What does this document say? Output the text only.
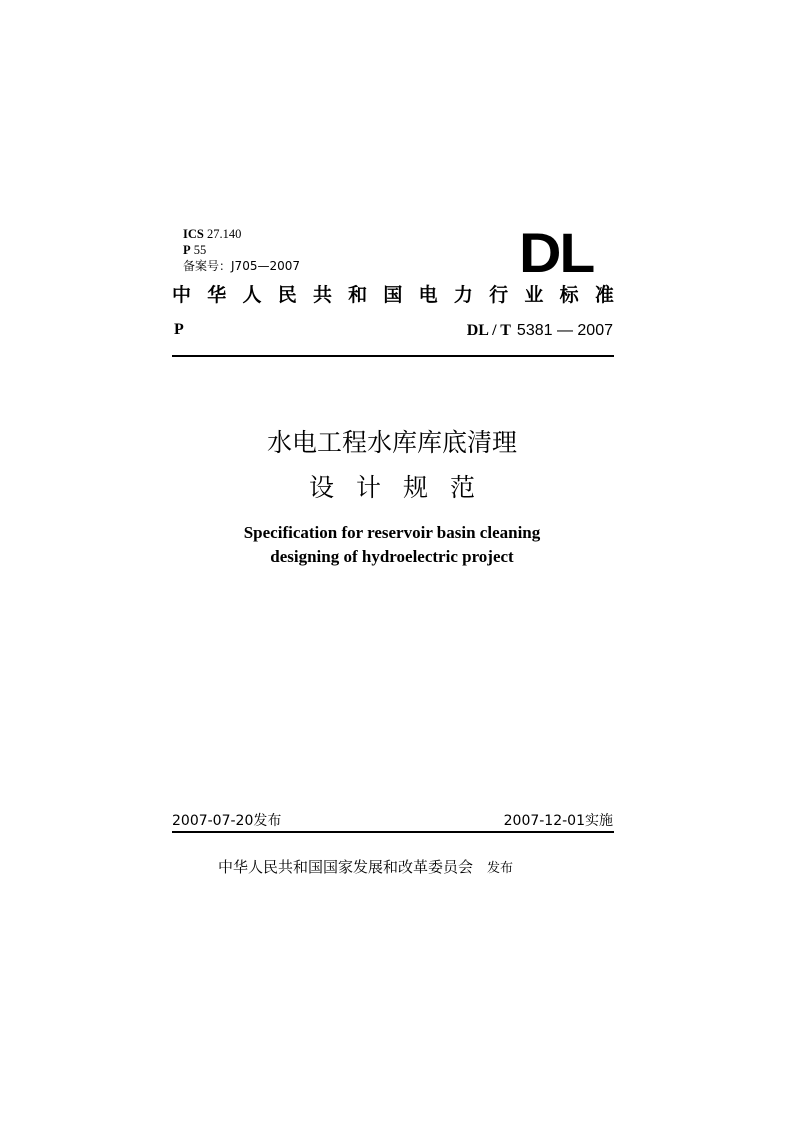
ICS 27.140
P 55
备案号：J705—2007	DL
中 华 人 民 共 和 国 电 力 行 业 标 准
P	DL / T 5381 — 2007
水电工程水库库底清理
设计规范
Specification for reservoir basin cleaning
designing of hydroelectric project
2007-07-20发布	2007-12-01实施
中华人民共和国国家发展和改革委员会 发布
